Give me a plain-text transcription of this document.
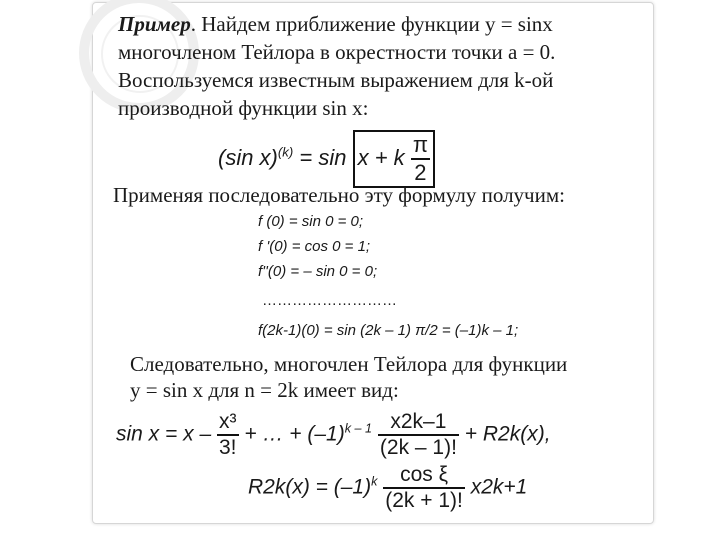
Пример. Найдем приближение функции y = sinx многочленом Тейлора в окрестности точки a = 0. Воспользуемся известным выражением для k-ой производной функции sin x:
(sin x)$^{(k)}$ = sin x + k $\frac{\pi}{2}$
Применяя последовательно эту формулу получим:
f (0) = sin 0 = 0;
f '(0) = cos 0 = 1;
f''(0) = – sin 0 = 0;
………………………
f(2k-1)(0) = sin (2k – 1) π/2 = (–1)k – 1;
Следовательно, многочлен Тейлора для функции
y = sin x для n = 2k имеет вид:
$\sin x = x - \frac{\text{x³}}{3!}$ + … + $(-1)^{k - 1} \frac{x2k-1}{(2k - 1)!} + R2k(x)$,
$R2k(x) = (-1)^k \frac{\text{cos ξ}}{(2k + 1)!} x2k+1$
